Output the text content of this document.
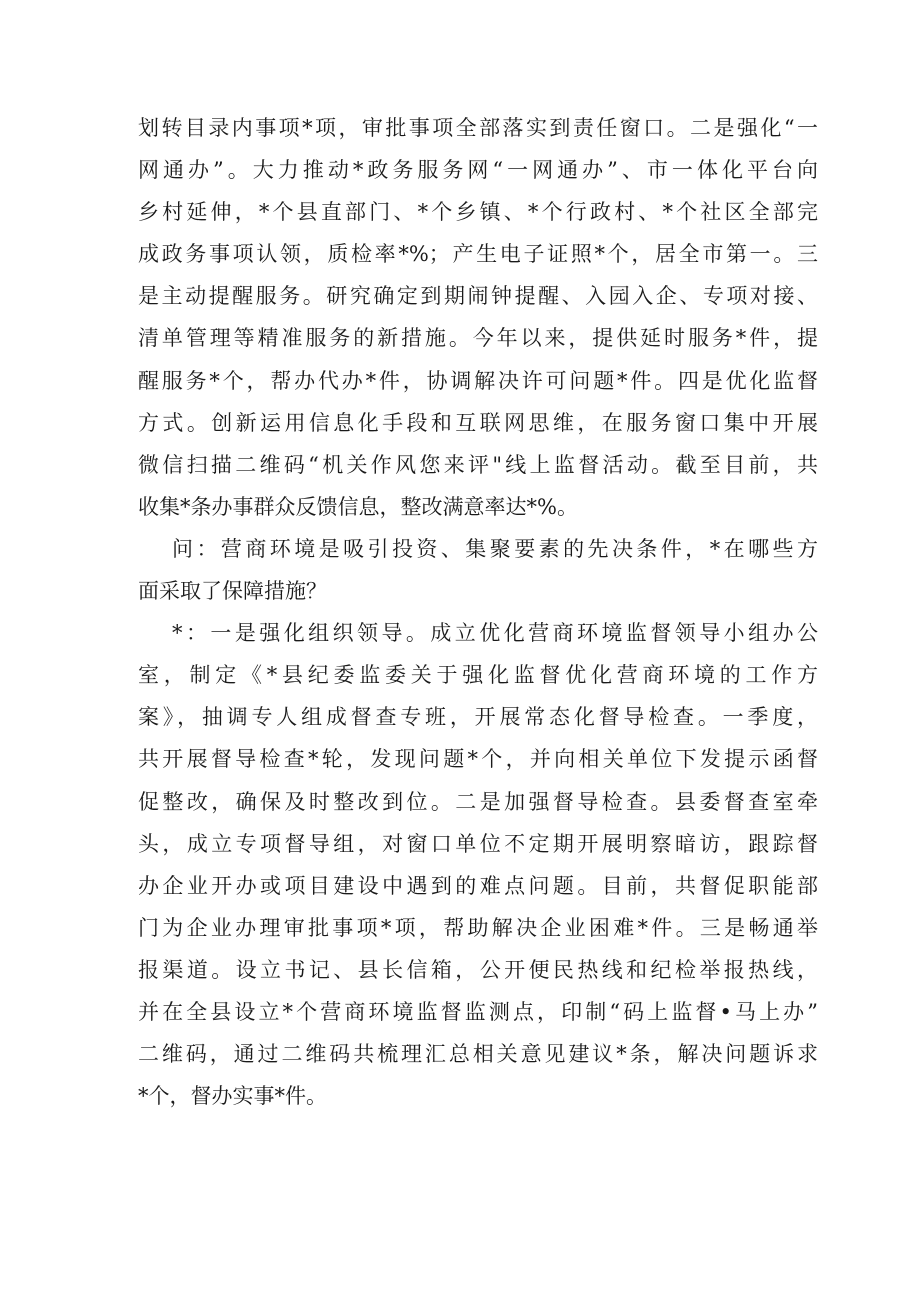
划转目录内事项*项，审批事项全部落实到责任窗口。二是强化“一
网通办”。大力推动*政务服务网“一网通办”、市一体化平台向
乡村延伸，*个县直部门、*个乡镇、*个行政村、*个社区全部完
成政务事项认领，质检率*%；产生电子证照*个，居全市第一。三
是主动提醒服务。研究确定到期闹钟提醒、入园入企、专项对接、
清单管理等精准服务的新措施。今年以来，提供延时服务*件，提
醒服务*个，帮办代办*件，协调解决许可问题*件。四是优化监督
方式。创新运用信息化手段和互联网思维，在服务窗口集中开展
微信扫描二维码“机关作风您来评"线上监督活动。截至目前，共
收集*条办事群众反馈信息，整改满意率达*%。
问：营商环境是吸引投资、集聚要素的先决条件，*在哪些方
面采取了保障措施？
*：一是强化组织领导。成立优化营商环境监督领导小组办公
室，制定《*县纪委监委关于强化监督优化营商环境的工作方
案》，抽调专人组成督查专班，开展常态化督导检查。一季度，
共开展督导检查*轮，发现问题*个，并向相关单位下发提示函督
促整改，确保及时整改到位。二是加强督导检查。县委督查室牵
头，成立专项督导组，对窗口单位不定期开展明察暗访，跟踪督
办企业开办或项目建设中遇到的难点问题。目前，共督促职能部
门为企业办理审批事项*项，帮助解决企业困难*件。三是畅通举
报渠道。设立书记、县长信箱，公开便民热线和纪检举报热线，
并在全县设立*个营商环境监督监测点，印制“码上监督•马上办”
二维码，通过二维码共梳理汇总相关意见建议*条，解决问题诉求
*个，督办实事*件。
